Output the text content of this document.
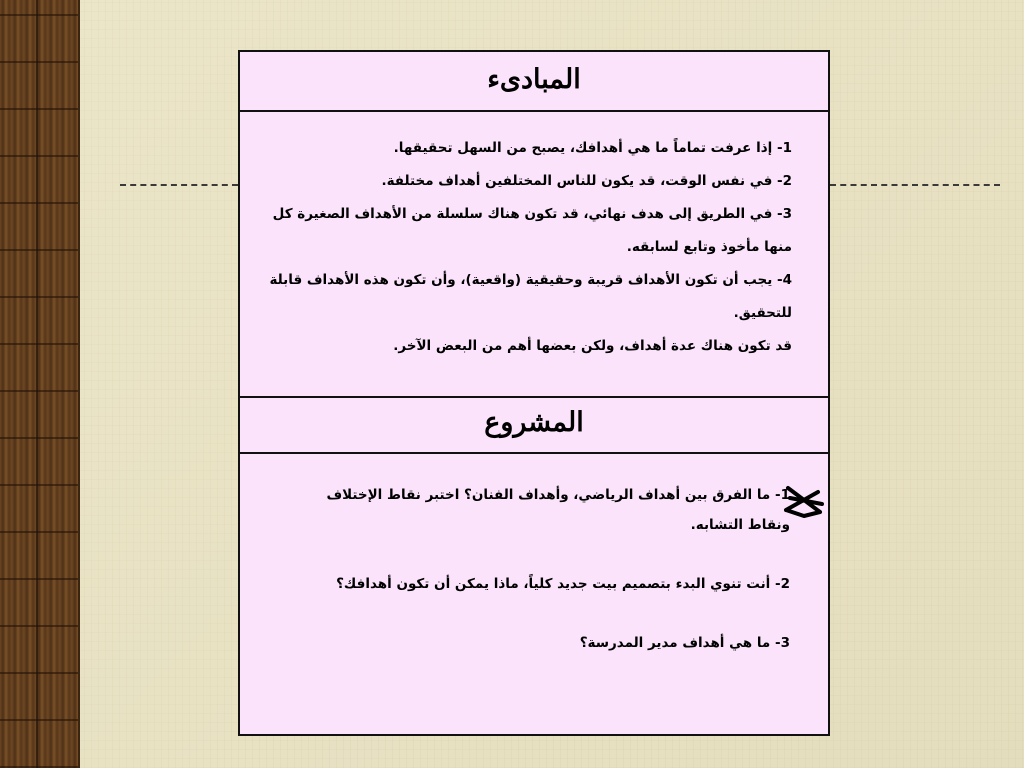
المبادىء

1- إذا عرفت تماماً ما هي أهدافك، يصبح من السهل تحقيقها.

2- في نفس الوقت، قد يكون للناس المختلفين أهداف مختلفة.

3- في الطريق إلى هدف نهائي، قد تكون هناك سلسلة من الأهداف الصغيرة كل منها مأخوذ وتابع لسابقه.

4- يجب أن تكون الأهداف قريبة وحقيقية (واقعية)، وأن تكون هذه الأهداف قابلة للتحقيق.

قد تكون هناك عدة أهداف، ولكن بعضها أهم من البعض الآخر.

المشروع

1- ما الفرق بين أهداف الرياضي، وأهداف الفنان؟ اختبر نقاط الإختلاف ونقاط التشابه.

2- أنت تنوي البدء بتصميم بيت جديد كلياً، ماذا يمكن أن تكون أهدافك؟

3- ما هي أهداف مدير المدرسة؟
